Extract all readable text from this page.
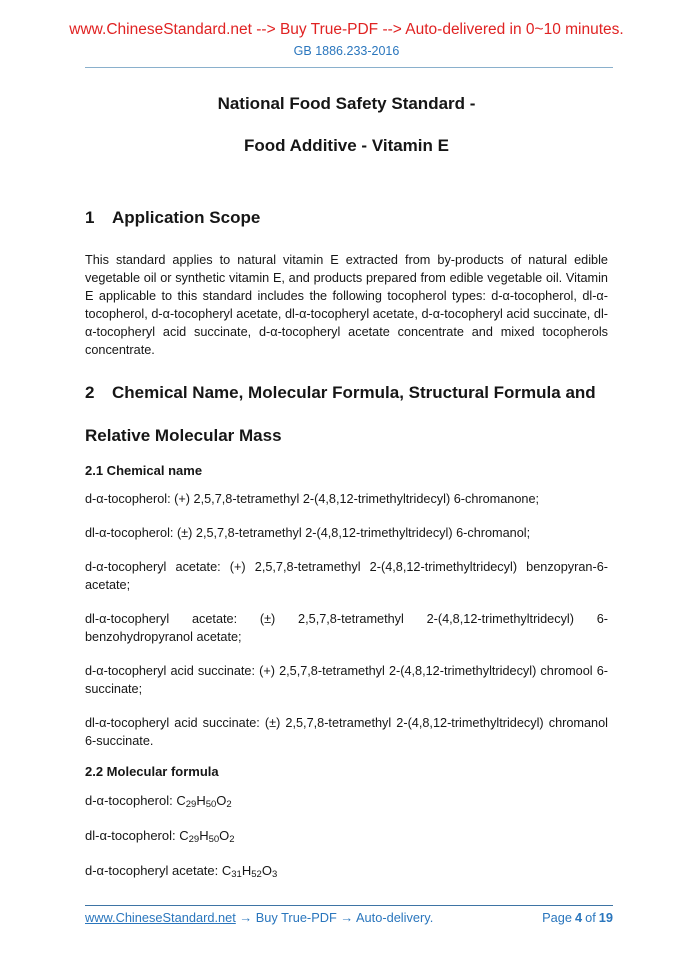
www.ChineseStandard.net --> Buy True-PDF --> Auto-delivered in 0~10 minutes.
GB 1886.233-2016
National Food Safety Standard -
Food Additive - Vitamin E
1 Application Scope

This standard applies to natural vitamin E extracted from by-products of natural edible vegetable oil or synthetic vitamin E, and products prepared from edible vegetable oil. Vitamin E applicable to this standard includes the following tocopherol types: d-α-tocopherol, dl-α-tocopherol, d-α-tocopheryl acetate, dl-α-tocopheryl acetate, d-α-tocopheryl acid succinate, dl-α-tocopheryl acid succinate, d-α-tocopheryl acetate concentrate and mixed tocopherols concentrate.

2 Chemical Name, Molecular Formula, Structural Formula and Relative Molecular Mass
2.1 Chemical name

d-α-tocopherol: (+) 2,5,7,8-tetramethyl 2-(4,8,12-trimethyltridecyl) 6-chromanone;

dl-α-tocopherol: (±) 2,5,7,8-tetramethyl 2-(4,8,12-trimethyltridecyl) 6-chromanol;

d-α-tocopheryl acetate: (+) 2,5,7,8-tetramethyl 2-(4,8,12-trimethyltridecyl) benzopyran-6-acetate;

dl-α-tocopheryl acetate: (±) 2,5,7,8-tetramethyl 2-(4,8,12-trimethyltridecyl) 6-benzohydropyranol acetate;

d-α-tocopheryl acid succinate: (+) 2,5,7,8-tetramethyl 2-(4,8,12-trimethyltridecyl) chromool 6-succinate;

dl-α-tocopheryl acid succinate: (±) 2,5,7,8-tetramethyl 2-(4,8,12-trimethyltridecyl) chromanol 6-succinate.

2.2 Molecular formula
d-α-tocopherol: $C_{29}H_{50}O_2$
dl-α-tocopherol: $C_{29}H_{50}O_2$
d-α-tocopheryl acetate: $C_{31}H_{52}O_3$
www.ChineseStandard.net → Buy True-PDF → Auto-delivery.	Page 4 of 19
